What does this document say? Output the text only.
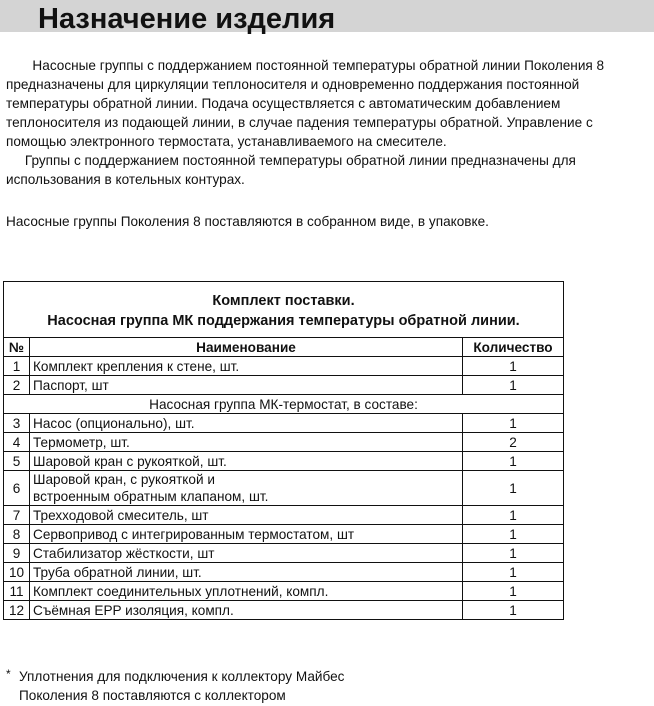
Назначение изделия

Насосные группы с поддержанием постоянной температуры обратной линии Поколения 8 предназначены для циркуляции теплоносителя и одновременно поддержания постоянной температуры обратной линии. Подача осуществляется с автоматическим добавлением теплоносителя из подающей линии, в случае падения температуры обратной. Управление с помощью электронного термостата, устанавливаемого на смесителе.

Группы с поддержанием постоянной температуры обратной линии предназначены для использования в котельных контурах.

Насосные группы Поколения 8 поставляются в собранном виде, в упаковке.

Комплект поставки.
Насосная группа МК поддержания температуры обратной линии.		
№	Наименование	Количество
1	Комплект крепления к стене, шт.	1
2	Паспорт, шт	1
Насосная группа МК-термостат, в составе:		
3	Насос (опционально), шт.	1
4	Термометр, шт.	2
5	Шаровой кран с рукояткой, шт.	1
6	Шаровой кран, с рукояткой и встроенным обратным клапаном, шт.	1
7	Трехходовой смеситель, шт	1
8	Сервопривод с интегрированным термостатом, шт	1
9	Стабилизатор жёсткости, шт	1
10	Труба обратной линии, шт.	1
11	Комплект соединительных уплотнений, компл.	1
12	Съёмная EPP изоляция, компл.	1
* Уплотнения для подключения к коллектору Майбес
Поколения 8 поставляются с коллектором
